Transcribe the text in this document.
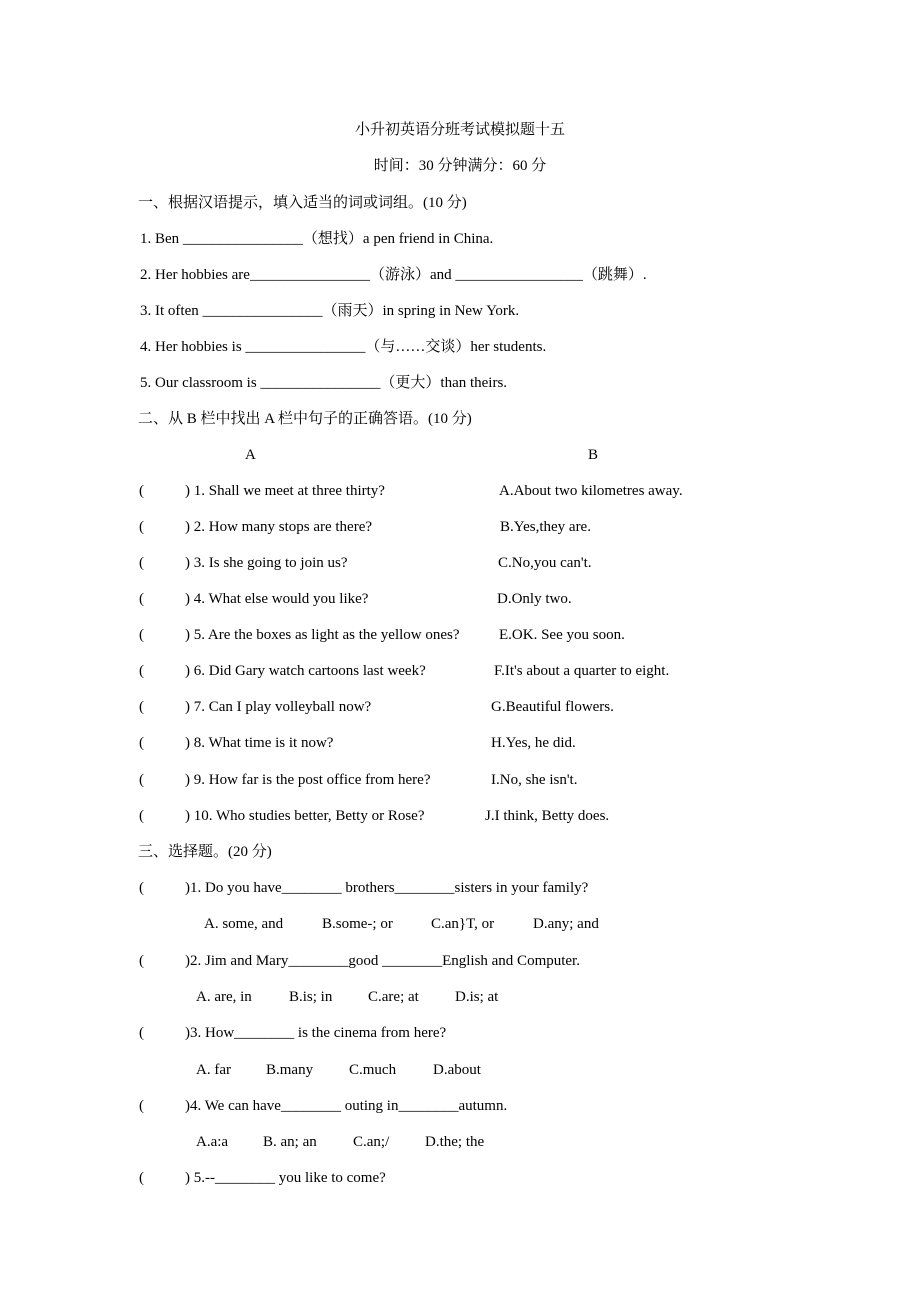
小升初英语分班考试模拟题十五
时间：30 分钟满分：60 分
一、根据汉语提示，填入适当的词或词组。(10 分)
1. Ben ________________（想找）a pen friend in China.
2. Her hobbies are________________（游泳）and _________________（跳舞）.
3. It often ________________（雨天）in spring in New York.
4. Her hobbies is ________________（与……交谈）her students.
5. Our classroom is ________________（更大）than theirs.
二、从 B 栏中找出 A 栏中句子的正确答语。(10 分)
A	B
(	) 1. Shall we meet at three thirty?	A.About two kilometres away.
(	) 2. How many stops are there?	B.Yes,they are.
(	) 3. Is she going to join us?	C.No,you can't.
(	) 4. What else would you like?	D.Only two.
(	) 5. Are the boxes as light as the yellow ones?	E.OK. See you soon.
(	) 6. Did Gary watch cartoons last week?	F.It's about a quarter to eight.
(	) 7. Can I play volleyball now?	G.Beautiful flowers.
(	) 8. What time is it now?	H.Yes, he did.
(	) 9. How far is the post office from here?	I.No, she isn't.
(	) 10. Who studies better, Betty or Rose?	J.I think, Betty does.
三、选择题。(20 分)
(	)1. Do you have________ brothers________sisters in your family?
A. some, and	B.some-; or	C.an}T, or	D.any; and
(	)2. Jim and Mary________good ________English and Computer.
A. are, in B.is; in C.are; at D.is; at
(	)3. How________ is the cinema from here?
A. far B.many C.much D.about
(	)4. We can have________ outing in________autumn.
A.a:a B. an; an C.an;/ D.the; the
(	) 5.--________ you like to come?
